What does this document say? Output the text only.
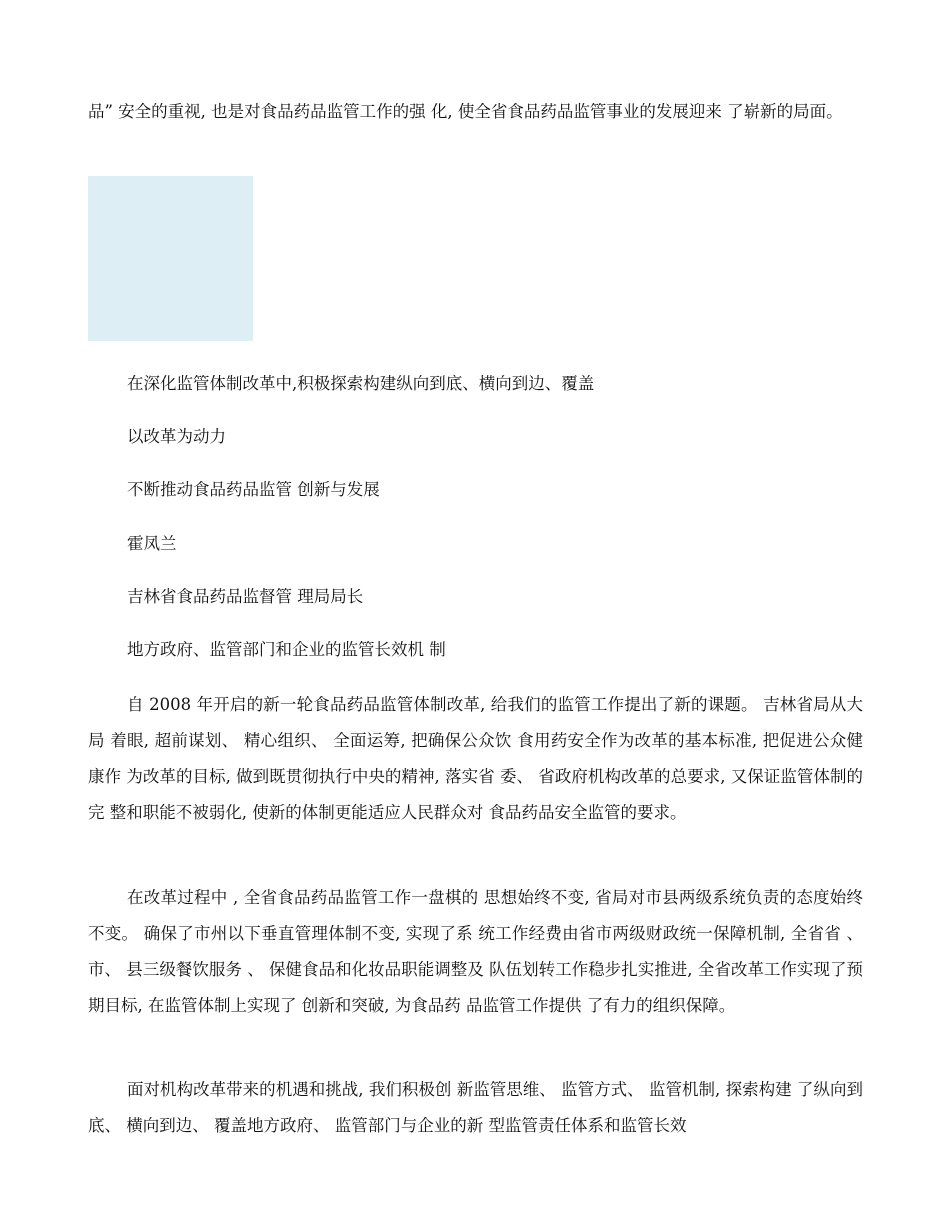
品” 安全的重视, 也是对食品药品监管工作的强 化, 使全省食品药品监管事业的发展迎来 了崭新的局面。

在深化监管体制改革中,积极探索构建纵向到底、横向到边、覆盖

以改革为动力

不断推动食品药品监管 创新与发展

霍凤兰

吉林省食品药品监督管 理局局长

地方政府、监管部门和企业的监管长效机 制

自 2008 年开启的新一轮食品药品监管体制改革, 给我们的监管工作提出了新的课题。 吉林省局从大局 着眼, 超前谋划、 精心组织、 全面运筹, 把确保公众饮 食用药安全作为改革的基本标准, 把促进公众健康作 为改革的目标, 做到既贯彻执行中央的精神, 落实省 委、 省政府机构改革的总要求, 又保证监管体制的完 整和职能不被弱化, 使新的体制更能适应人民群众对 食品药品安全监管的要求。

在改革过程中 , 全省食品药品监管工作一盘棋的 思想始终不变, 省局对市县两级系统负责的态度始终 不变。 确保了市州以下垂直管理体制不变, 实现了系 统工作经费由省市两级财政统一保障机制, 全省省 、 市、 县三级餐饮服务 、 保健食品和化妆品职能调整及 队伍划转工作稳步扎实推进, 全省改革工作实现了预 期目标, 在监管体制上实现了 创新和突破, 为食品药 品监管工作提供 了有力的组织保障。

面对机构改革带来的机遇和挑战, 我们积极创 新监管思维、 监管方式、 监管机制, 探索构建 了纵向到 底、 横向到边、 覆盖地方政府、 监管部门与企业的新 型监管责任体系和监管长效
